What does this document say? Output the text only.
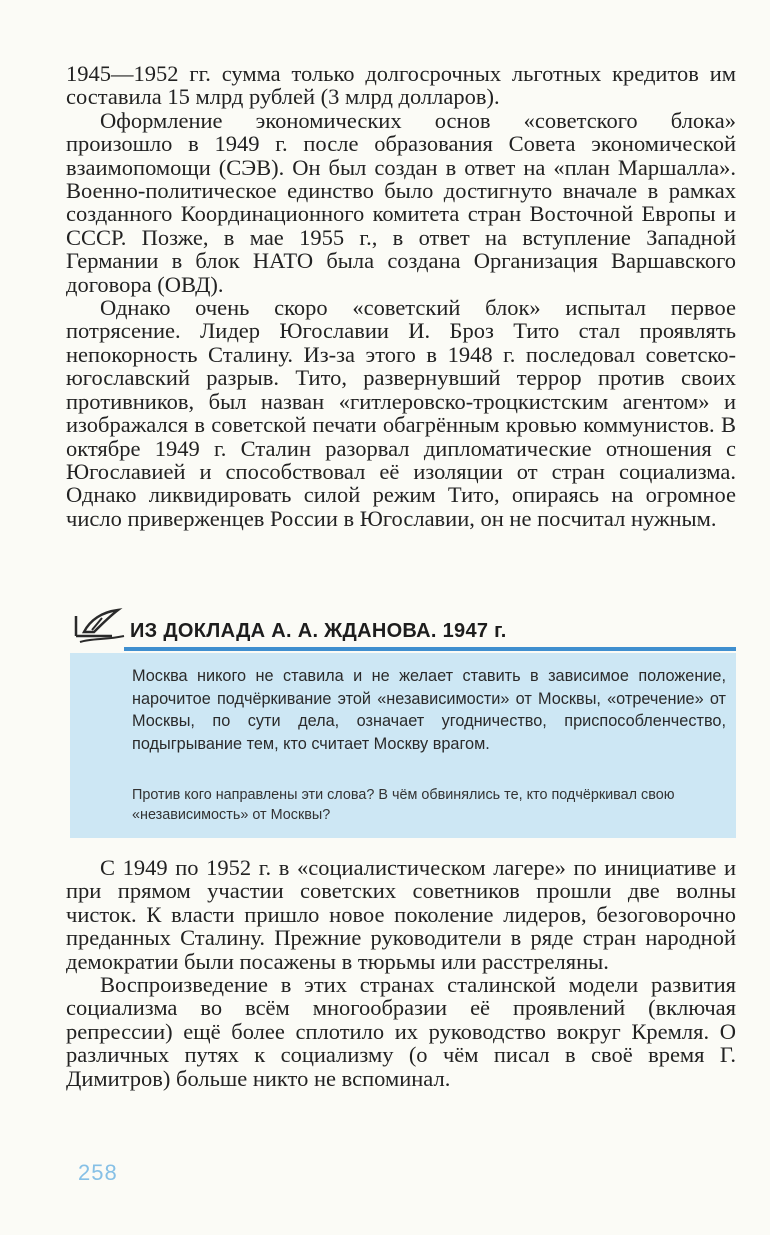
1945—1952 гг. сумма только долгосрочных льготных кредитов им составила 15 млрд рублей (3 млрд долларов).

Оформление экономических основ «советского блока» произошло в 1949 г. после образования Совета экономической взаимопомощи (СЭВ). Он был создан в ответ на «план Маршалла». Военно-политическое единство было достигнуто вначале в рамках созданного Координационного комитета стран Восточной Европы и СССР. Позже, в мае 1955 г., в ответ на вступление Западной Германии в блок НАТО была создана Организация Варшавского договора (ОВД).

Однако очень скоро «советский блок» испытал первое потрясение. Лидер Югославии И. Броз Тито стал проявлять непокорность Сталину. Из-за этого в 1948 г. последовал советско-югославский разрыв. Тито, развернувший террор против своих противников, был назван «гитлеровско-троцкистским агентом» и изображался в советской печати обагрённым кровью коммунистов. В октябре 1949 г. Сталин разорвал дипломатические отношения с Югославией и способствовал её изоляции от стран социализма. Однако ликвидировать силой режим Тито, опираясь на огромное число приверженцев России в Югославии, он не посчитал нужным.

ИЗ ДОКЛАДА А. А. ЖДАНОВА. 1947 г.

Москва никого не ставила и не желает ставить в зависимое положение, нарочитое подчёркивание этой «независимости» от Москвы, «отречение» от Москвы, по сути дела, означает угодничество, приспособленчество, подыгрывание тем, кто считает Москву врагом.

Против кого направлены эти слова? В чём обвинялись те, кто подчёркивал свою «независимость» от Москвы?

С 1949 по 1952 г. в «социалистическом лагере» по инициативе и при прямом участии советских советников прошли две волны чисток. К власти пришло новое поколение лидеров, безоговорочно преданных Сталину. Прежние руководители в ряде стран народной демократии были посажены в тюрьмы или расстреляны.

Воспроизведение в этих странах сталинской модели развития социализма во всём многообразии её проявлений (включая репрессии) ещё более сплотило их руководство вокруг Кремля. О различных путях к социализму (о чём писал в своё время Г. Димитров) больше никто не вспоминал.

258
